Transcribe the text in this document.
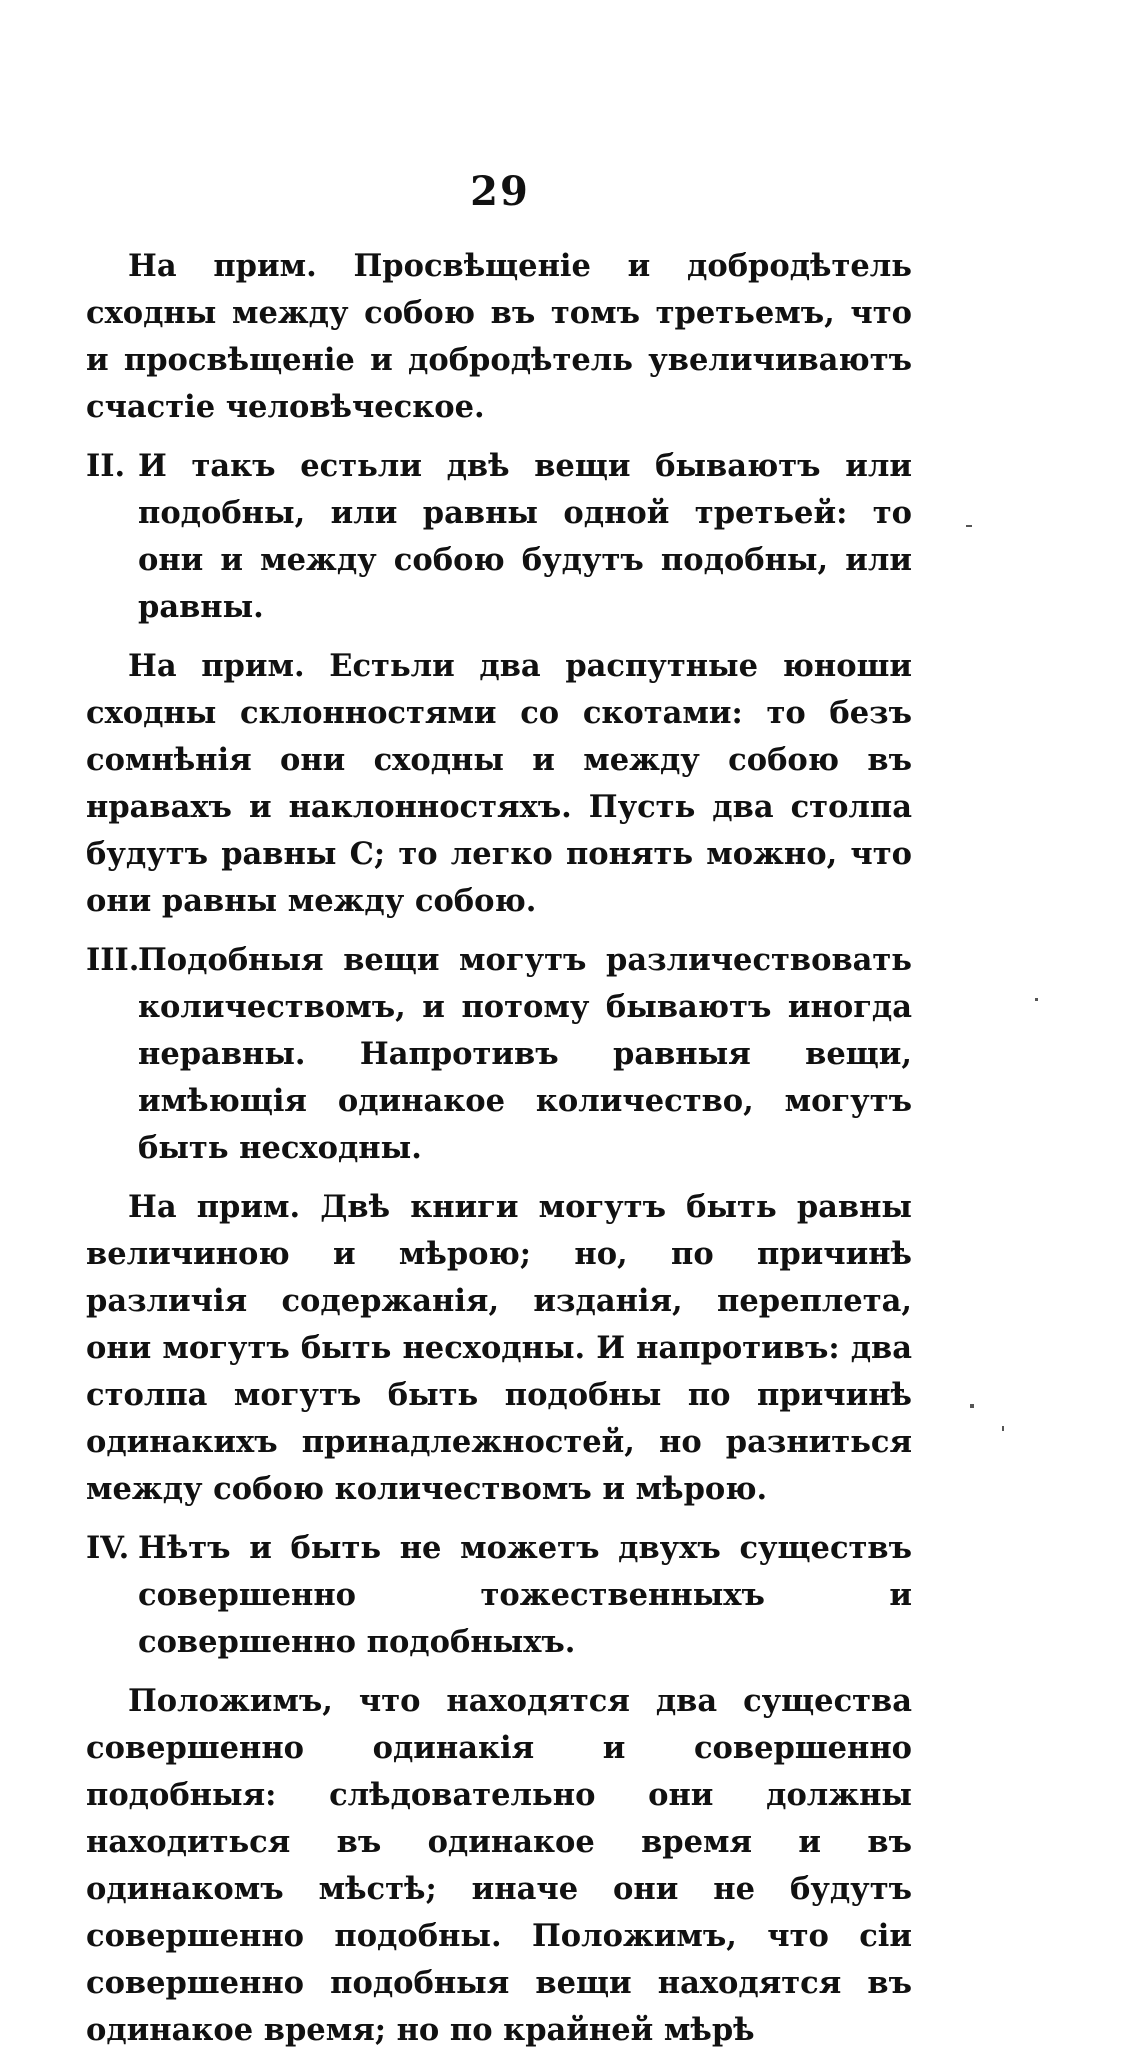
29

На прим. Просвѣщеніе и добродѣтель сходны между собою въ томъ третьемъ, что и просвѣщеніе и добродѣтель увеличиваютъ счастіе человѣческое.

II. И такъ естьли двѣ вещи бываютъ или подобны, или равны одной третьей: то они и между собою будутъ подобны, или равны.

На прим. Естьли два распутные юноши сходны склонностями со скотами: то безъ сомнѣнія они сходны и между собою въ нравахъ и наклонностяхъ. Пусть два столпа будутъ равны С; то легко понять можно, что они равны между собою.

III.Подобныя вещи могутъ различествовать количествомъ, и потому бываютъ иногда неравны. Напротивъ равныя вещи, имѣющія одинакое количество, могутъ быть несходны.

На прим. Двѣ книги могутъ быть равны величиною и мѣрою; но, по причинѣ различія содержанія, изданія, переплета, они могутъ быть несходны. И напротивъ: два столпа могутъ быть подобны по причинѣ одинакихъ принадлежностей, но разниться между собою количествомъ и мѣрою.

IV. Нѣтъ и быть не можетъ двухъ существъ совершенно тожественныхъ и совершенно подобныхъ.

Положимъ, что находятся два существа совершенно одинакія и совершенно подобныя: слѣдовательно они должны находиться въ одинакое время и въ одинакомъ мѣстѣ; иначе они не будутъ совершенно подобны. Положимъ, что сіи совершенно подобныя вещи находятся въ одинакое время; но по крайней мѣрѣ
